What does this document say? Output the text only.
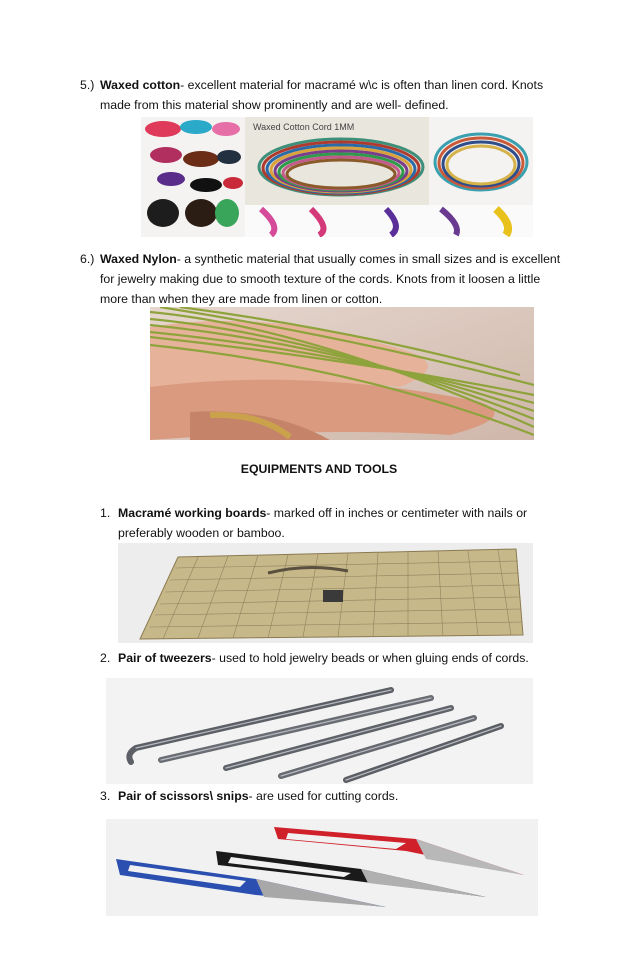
5.) Waxed cotton- excellent material for macramé w\c is often than linen cord. Knots made from this material show prominently and are well- defined.
Waxed Cotton Cord 1MM
6.) Waxed Nylon- a synthetic material that usually comes in small sizes and is excellent for jewelry making due to smooth texture of the cords. Knots from it loosen a little more than when they are made from linen or cotton.
EQUIPMENTS AND TOOLS
1. Macramé working boards- marked off in inches or centimeter with nails or preferably wooden or bamboo.
2. Pair of tweezers- used to hold jewelry beads or when gluing ends of cords.
3. Pair of scissors\ snips- are used for cutting cords.
